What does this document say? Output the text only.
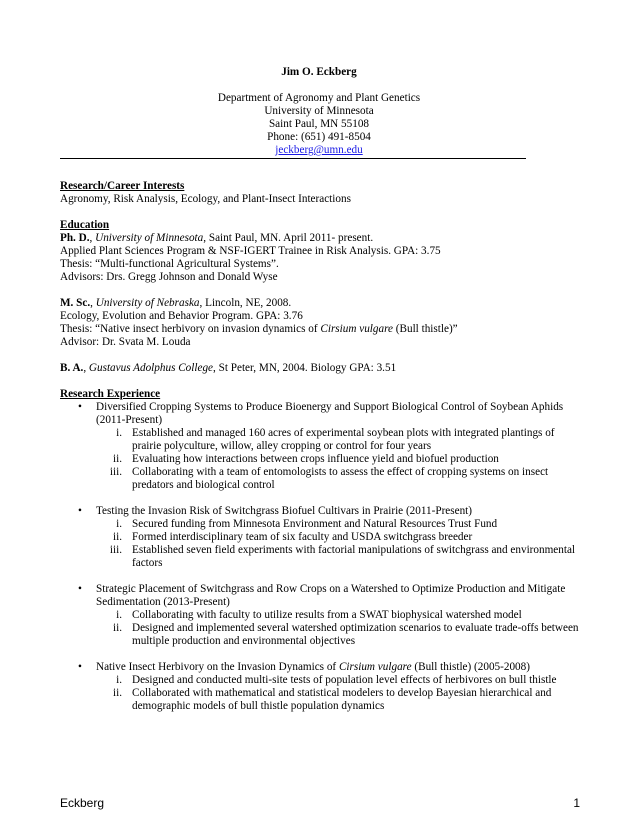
Jim O. Eckberg
Department of Agronomy and Plant Genetics
University of Minnesota
Saint Paul, MN 55108
Phone: (651) 491-8504
jeckberg@umn.edu

Research/Career Interests

Agronomy, Risk Analysis, Ecology, and Plant-Insect Interactions

Education

Ph. D., University of Minnesota, Saint Paul, MN. April 2011- present.

Applied Plant Sciences Program & NSF-IGERT Trainee in Risk Analysis. GPA: 3.75

Thesis: “Multi-functional Agricultural Systems”.

Advisors: Drs. Gregg Johnson and Donald Wyse

M. Sc., University of Nebraska, Lincoln, NE, 2008.

Ecology, Evolution and Behavior Program. GPA: 3.76

Thesis: “Native insect herbivory on invasion dynamics of Cirsium vulgare (Bull thistle)”

Advisor: Dr. Svata M. Louda

B. A., Gustavus Adolphus College, St Peter, MN, 2004. Biology GPA: 3.51

Research Experience

• Diversified Cropping Systems to Produce Bioenergy and Support Biological Control of Soybean Aphids (2011-Present)
i. Established and managed 160 acres of experimental soybean plots with integrated plantings of prairie polyculture, willow, alley cropping or control for four years
ii. Evaluating how interactions between crops influence yield and biofuel production
iii. Collaborating with a team of entomologists to assess the effect of cropping systems on insect predators and biological control
• Testing the Invasion Risk of Switchgrass Biofuel Cultivars in Prairie (2011-Present)
i. Secured funding from Minnesota Environment and Natural Resources Trust Fund
ii. Formed interdisciplinary team of six faculty and USDA switchgrass breeder
iii. Established seven field experiments with factorial manipulations of switchgrass and environmental factors
• Strategic Placement of Switchgrass and Row Crops on a Watershed to Optimize Production and Mitigate Sedimentation (2013-Present)
i. Collaborating with faculty to utilize results from a SWAT biophysical watershed model
ii. Designed and implemented several watershed optimization scenarios to evaluate trade-offs between multiple production and environmental objectives
• Native Insect Herbivory on the Invasion Dynamics of Cirsium vulgare (Bull thistle) (2005-2008)
i. Designed and conducted multi-site tests of population level effects of herbivores on bull thistle
ii. Collaborated with mathematical and statistical modelers to develop Bayesian hierarchical and demographic models of bull thistle population dynamics
Eckberg	1
